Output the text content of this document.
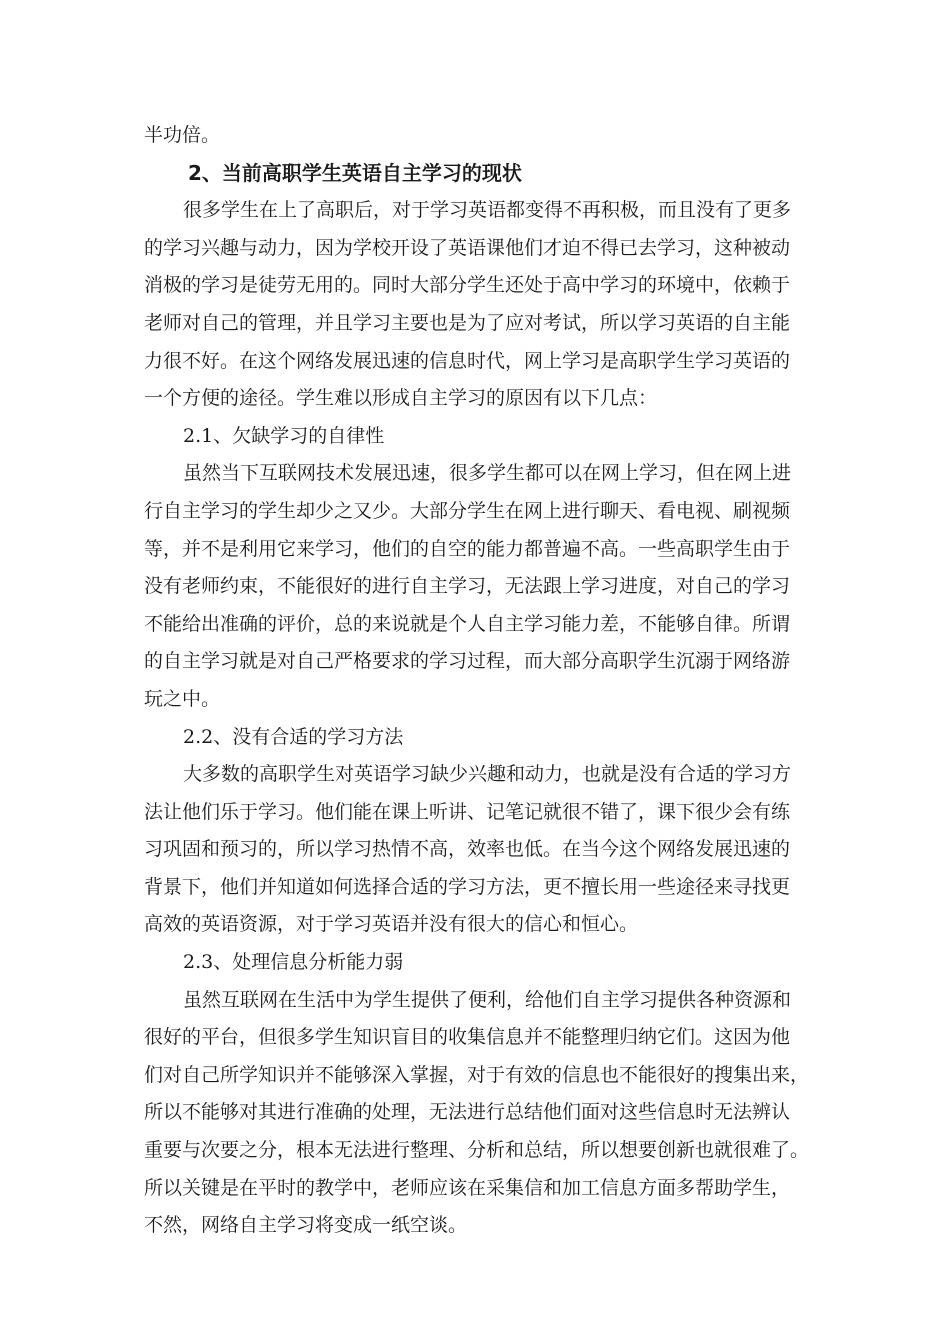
半功倍。
2、当前高职学生英语自主学习的现状
很多学生在上了高职后，对于学习英语都变得不再积极，而且没有了更多
的学习兴趣与动力，因为学校开设了英语课他们才迫不得已去学习，这种被动
消极的学习是徒劳无用的。同时大部分学生还处于高中学习的环境中，依赖于
老师对自己的管理，并且学习主要也是为了应对考试，所以学习英语的自主能
力很不好。在这个网络发展迅速的信息时代，网上学习是高职学生学习英语的
一个方便的途径。学生难以形成自主学习的原因有以下几点：
2.1、欠缺学习的自律性
虽然当下互联网技术发展迅速，很多学生都可以在网上学习，但在网上进
行自主学习的学生却少之又少。大部分学生在网上进行聊天、看电视、刷视频
等，并不是利用它来学习，他们的自空的能力都普遍不高。一些高职学生由于
没有老师约束，不能很好的进行自主学习，无法跟上学习进度，对自己的学习
不能给出准确的评价，总的来说就是个人自主学习能力差，不能够自律。所谓
的自主学习就是对自己严格要求的学习过程，而大部分高职学生沉溺于网络游
玩之中。
2.2、没有合适的学习方法
大多数的高职学生对英语学习缺少兴趣和动力，也就是没有合适的学习方
法让他们乐于学习。他们能在课上听讲、记笔记就很不错了，课下很少会有练
习巩固和预习的，所以学习热情不高，效率也低。在当今这个网络发展迅速的
背景下，他们并知道如何选择合适的学习方法，更不擅长用一些途径来寻找更
高效的英语资源，对于学习英语并没有很大的信心和恒心。
2.3、处理信息分析能力弱
虽然互联网在生活中为学生提供了便利，给他们自主学习提供各种资源和
很好的平台，但很多学生知识盲目的收集信息并不能整理归纳它们。这因为他
们对自己所学知识并不能够深入掌握，对于有效的信息也不能很好的搜集出来，
所以不能够对其进行准确的处理，无法进行总结他们面对这些信息时无法辨认
重要与次要之分，根本无法进行整理、分析和总结，所以想要创新也就很难了。
所以关键是在平时的教学中，老师应该在采集信和加工信息方面多帮助学生，
不然，网络自主学习将变成一纸空谈。
